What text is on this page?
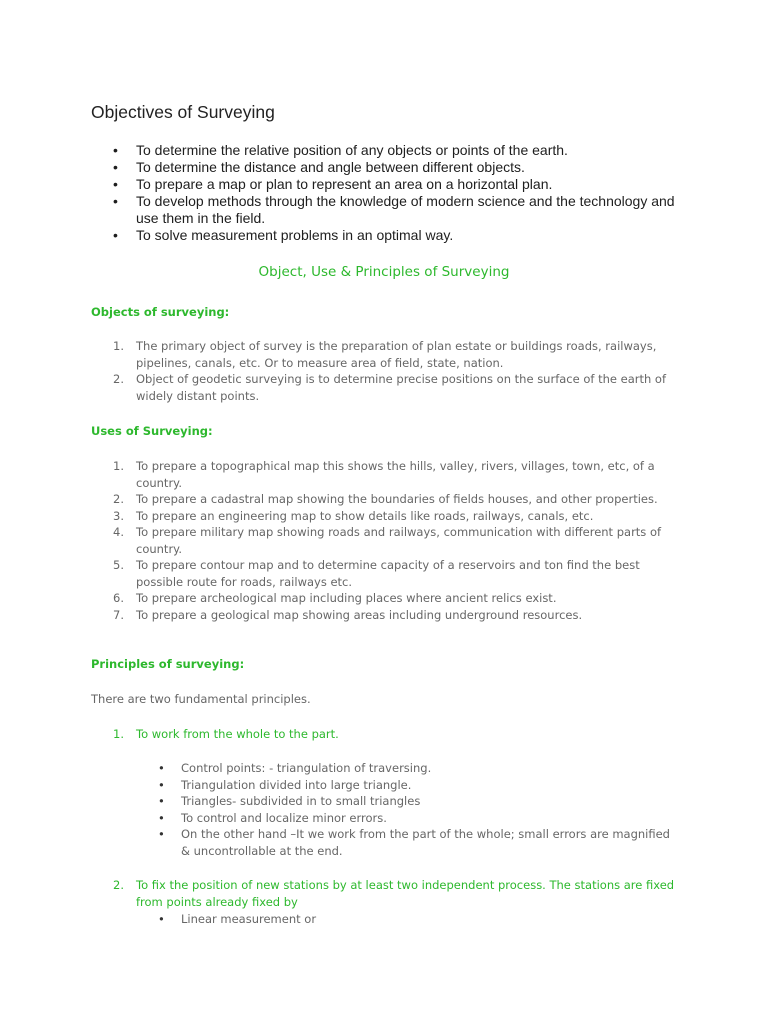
Objectives of Surveying
• To determine the relative position of any objects or points of the earth.
• To determine the distance and angle between different objects.
• To prepare a map or plan to represent an area on a horizontal plan.
• To develop methods through the knowledge of modern science and the technology and use them in the field.
• To solve measurement problems in an optimal way.
Object, Use & Principles of Surveying
Objects of surveying:
1. The primary object of survey is the preparation of plan estate or buildings roads, railways, pipelines, canals, etc. Or to measure area of field, state, nation.
2. Object of geodetic surveying is to determine precise positions on the surface of the earth of widely distant points.
Uses of Surveying:
1. To prepare a topographical map this shows the hills, valley, rivers, villages, town, etc, of a country.
2. To prepare a cadastral map showing the boundaries of fields houses, and other properties.
3. To prepare an engineering map to show details like roads, railways, canals, etc.
4. To prepare military map showing roads and railways, communication with different parts of country.
5. To prepare contour map and to determine capacity of a reservoirs and ton find the best possible route for roads, railways etc.
6. To prepare archeological map including places where ancient relics exist.
7. To prepare a geological map showing areas including underground resources.
Principles of surveying:

There are two fundamental principles.

1. To work from the whole to the part.

• Control points: - triangulation of traversing.
• Triangulation divided into large triangle.
• Triangles- subdivided in to small triangles
• To control and localize minor errors.
• On the other hand –It we work from the part of the whole; small errors are magnified & uncontrollable at the end.

2. To fix the position of new stations by at least two independent process. The stations are fixed from points already fixed by

• Linear measurement or
